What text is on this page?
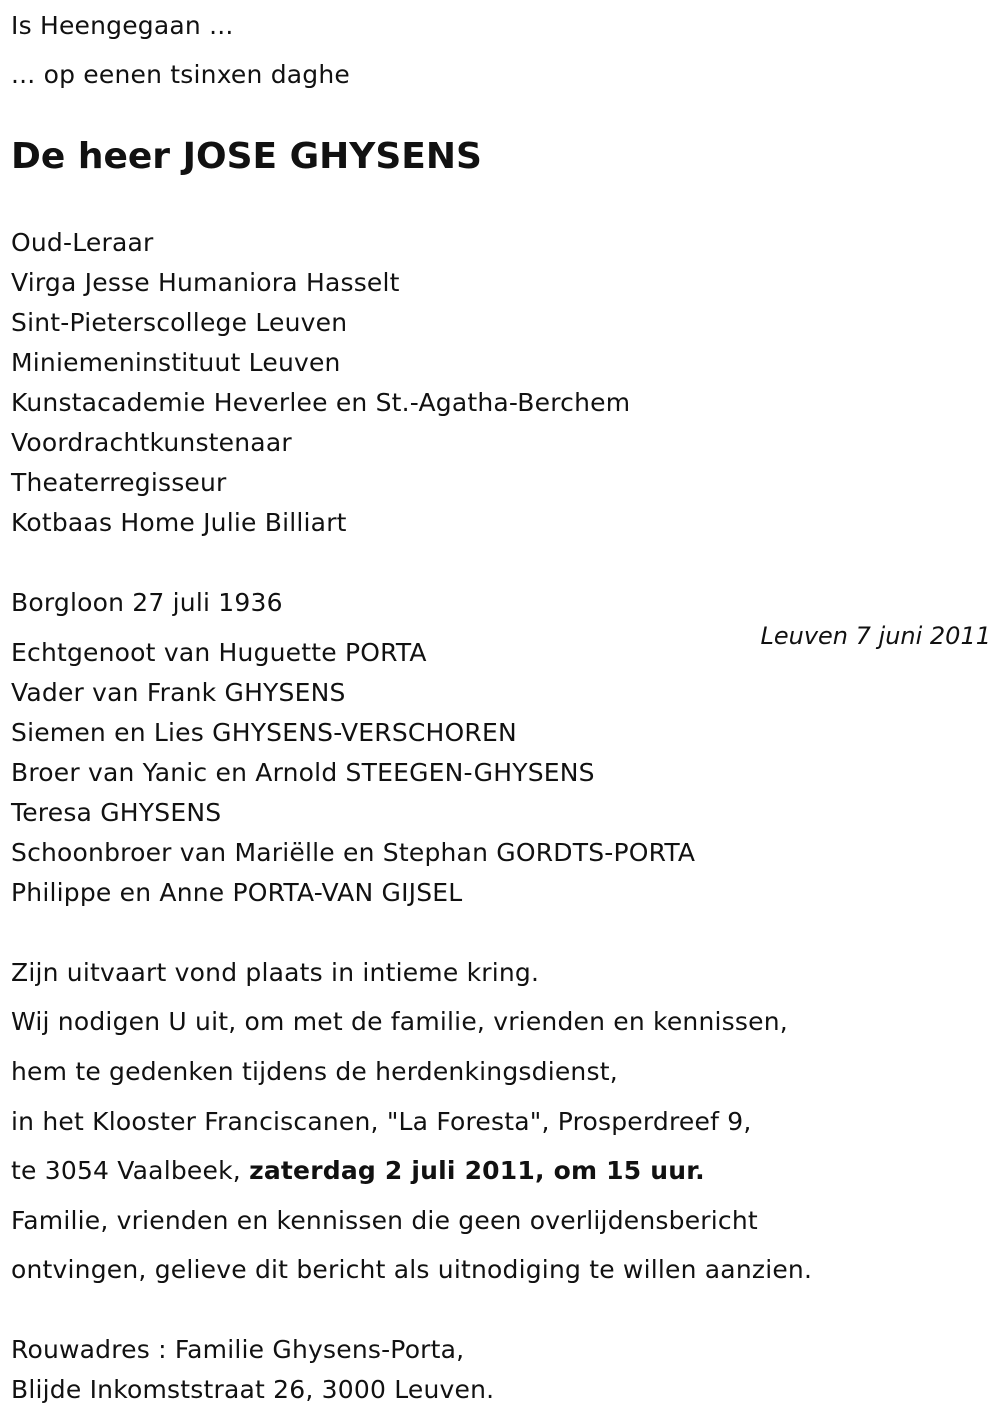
Is Heengegaan ...
... op eenen tsinxen daghe
De heer JOSE GHYSENS
Oud-Leraar
Virga Jesse Humaniora Hasselt
Sint-Pieterscollege Leuven
Miniemeninstituut Leuven
Kunstacademie Heverlee en St.-Agatha-Berchem
Voordrachtkunstenaar
Theaterregisseur
Kotbaas Home Julie Billiart
Borgloon 27 juli 1936
Leuven 7 juni 2011
Echtgenoot van Huguette PORTA
Vader van Frank GHYSENS
Siemen en Lies GHYSENS-VERSCHOREN
Broer van Yanic en Arnold STEEGEN-GHYSENS
Teresa GHYSENS
Schoonbroer van Mariëlle en Stephan GORDTS-PORTA
Philippe en Anne PORTA-VAN GIJSEL
Zijn uitvaart vond plaats in intieme kring.
Wij nodigen U uit, om met de familie, vrienden en kennissen,
hem te gedenken tijdens de herdenkingsdienst,
in het Klooster Franciscanen, "La Foresta", Prosperdreef 9,
te 3054 Vaalbeek, zaterdag 2 juli 2011, om 15 uur.
Familie, vrienden en kennissen die geen overlijdensbericht
ontvingen, gelieve dit bericht als uitnodiging te willen aanzien.
Rouwadres : Familie Ghysens-Porta,
Blijde Inkomststraat 26, 3000 Leuven.
